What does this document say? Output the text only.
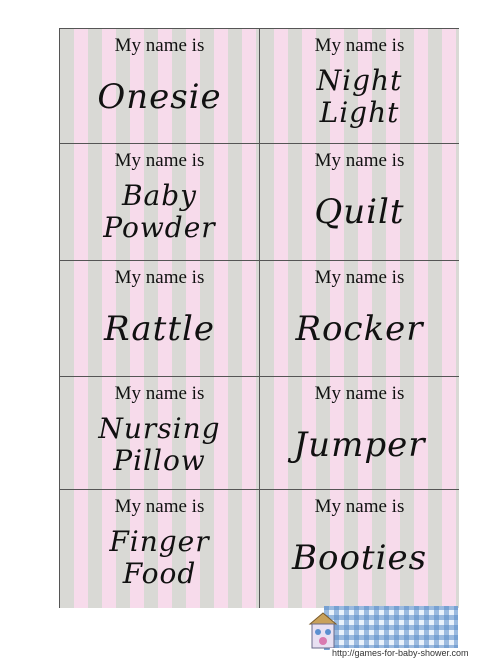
My name is
Onesie
My name is
Night
Light
My name is
Baby
Powder
My name is
Quilt
My name is
Rattle
My name is
Rocker
My name is
Nursing
Pillow
My name is
Jumper
My name is
Finger
Food
My name is
Booties
http://games-for-baby-shower.com
